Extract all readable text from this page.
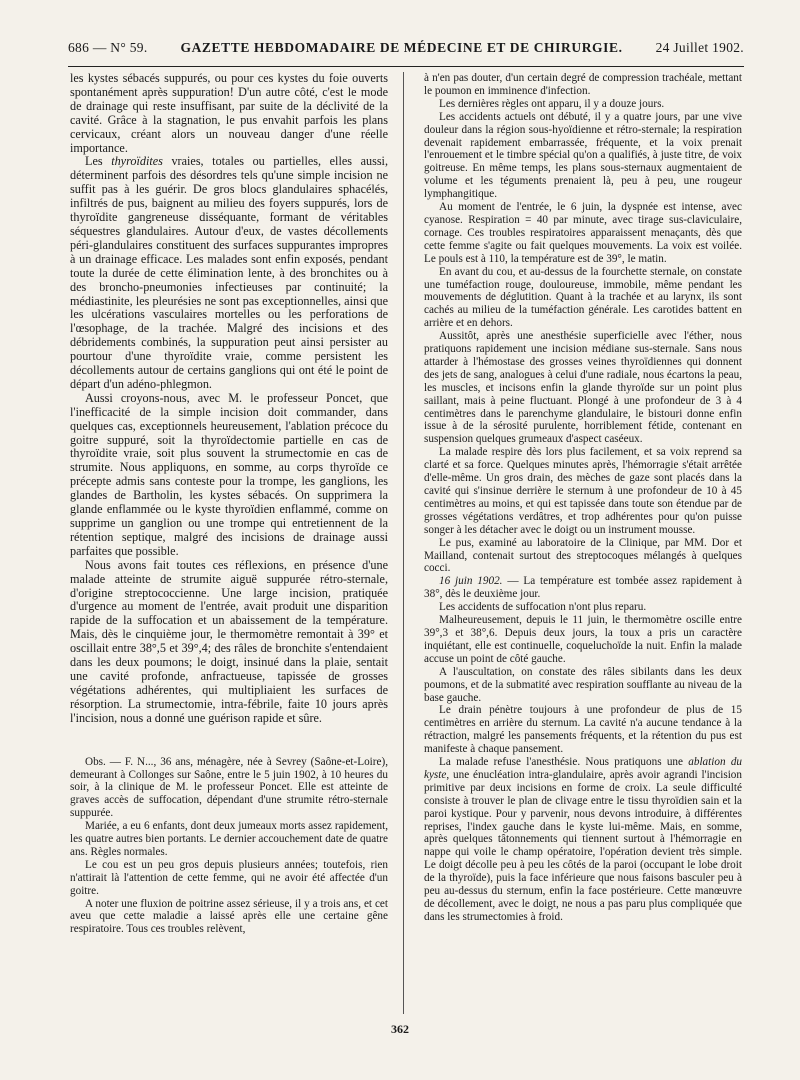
686 — N° 59. GAZETTE HEBDOMADAIRE DE MÉDECINE ET DE CHIRURGIE. 24 Juillet 1902.

les kystes sébacés suppurés, ou pour ces kystes du foie ouverts spontanément après suppuration! D'un autre côté, c'est le mode de drainage qui reste insuffisant, par suite de la déclivité de la cavité. Grâce à la stagnation, le pus envahit parfois les plans cervicaux, créant alors un nouveau danger d'une réelle importance.

Les thyroïdites vraies, totales ou partielles, elles aussi, déterminent parfois des désordres tels qu'une simple incision ne suffit pas à les guérir. De gros blocs glandulaires sphacélés, infiltrés de pus, baignent au milieu des foyers suppurés, lors de thyroïdite gangreneuse disséquante, formant de véritables séquestres glandulaires. Autour d'eux, de vastes décollements péri-glandulaires constituent des surfaces suppurantes impropres à un drainage efficace. Les malades sont enfin exposés, pendant toute la durée de cette élimination lente, à des bronchites ou à des broncho-pneumonies infectieuses par continuité; la médiastinite, les pleurésies ne sont pas exceptionnelles, ainsi que les ulcérations vasculaires mortelles ou les perforations de l'œsophage, de la trachée. Malgré des incisions et des débridements combinés, la suppuration peut ainsi persister au pourtour d'une thyroïdite vraie, comme persistent les décollements autour de certains ganglions qui ont été le point de départ d'un adéno-phlegmon.

Aussi croyons-nous, avec M. le professeur Poncet, que l'inefficacité de la simple incision doit commander, dans quelques cas, exceptionnels heureusement, l'ablation précoce du goitre suppuré, soit la thyroïdectomie partielle en cas de thyroïdite vraie, soit plus souvent la strumectomie en cas de strumite. Nous appliquons, en somme, au corps thyroïde ce précepte admis sans conteste pour la trompe, les ganglions, les glandes de Bartholin, les kystes sébacés. On supprimera la glande enflammée ou le kyste thyroïdien enflammé, comme on supprime un ganglion ou une trompe qui entretiennent de la rétention septique, malgré des incisions de drainage aussi parfaites que possible.

Nous avons fait toutes ces réflexions, en présence d'une malade atteinte de strumite aiguë suppurée rétro-sternale, d'origine streptococcienne. Une large incision, pratiquée d'urgence au moment de l'entrée, avait produit une disparition rapide de la suffocation et un abaissement de la température. Mais, dès le cinquième jour, le thermomètre remontait à 39° et oscillait entre 38°,5 et 39°,4; des râles de bronchite s'entendaient dans les deux poumons; le doigt, insinué dans la plaie, sentait une cavité profonde, anfractueuse, tapissée de grosses végétations adhérentes, qui multipliaient les surfaces de résorption. La strumectomie, intra-fébrile, faite 10 jours après l'incision, nous a donné une guérison rapide et sûre.

Obs. — F. N..., 36 ans, ménagère, née à Sevrey (Saône-et-Loire), demeurant à Collonges sur Saône, entre le 5 juin 1902, à 10 heures du soir, à la clinique de M. le professeur Poncet. Elle est atteinte de graves accès de suffocation, dépendant d'une strumite rétro-sternale suppurée.

Mariée, a eu 6 enfants, dont deux jumeaux morts assez rapidement, les quatre autres bien portants. Le dernier accouchement date de quatre ans. Règles normales.

Le cou est un peu gros depuis plusieurs années; toutefois, rien n'attirait là l'attention de cette femme, qui ne avoir été affectée d'un goitre.

A noter une fluxion de poitrine assez sérieuse, il y a trois ans, et cet aveu que cette maladie a laissé après elle une certaine gêne respiratoire. Tous ces troubles relèvent,

à n'en pas douter, d'un certain degré de compression trachéale, mettant le poumon en imminence d'infection.

Les dernières règles ont apparu, il y a douze jours.

Les accidents actuels ont débuté, il y a quatre jours, par une vive douleur dans la région sous-hyoïdienne et rétro-sternale; la respiration devenait rapidement embarrassée, fréquente, et la voix prenait l'enrouement et le timbre spécial qu'on a qualifiés, à juste titre, de voix goitreuse. En même temps, les plans sous-sternaux augmentaient de volume et les téguments prenaient là, peu à peu, une rougeur lymphangitique.

Au moment de l'entrée, le 6 juin, la dyspnée est intense, avec cyanose. Respiration = 40 par minute, avec tirage sus-claviculaire, cornage. Ces troubles respiratoires apparaissent menaçants, dès que cette femme s'agite ou fait quelques mouvements. La voix est voilée. Le pouls est à 110, la température est de 39°, le matin.

En avant du cou, et au-dessus de la fourchette sternale, on constate une tuméfaction rouge, douloureuse, immobile, même pendant les mouvements de déglutition. Quant à la trachée et au larynx, ils sont cachés au milieu de la tuméfaction générale. Les carotides battent en arrière et en dehors.

Aussitôt, après une anesthésie superficielle avec l'éther, nous pratiquons rapidement une incision médiane sus-sternale. Sans nous attarder à l'hémostase des grosses veines thyroïdiennes qui donnent des jets de sang, analogues à celui d'une radiale, nous écartons la peau, les muscles, et incisons enfin la glande thyroïde sur un point plus saillant, mais à peine fluctuant. Plongé à une profondeur de 3 à 4 centimètres dans le parenchyme glandulaire, le bistouri donne enfin issue à de la sérosité purulente, horriblement fétide, contenant en suspension quelques grumeaux d'aspect caséeux.

La malade respire dès lors plus facilement, et sa voix reprend sa clarté et sa force. Quelques minutes après, l'hémorragie s'était arrêtée d'elle-même. Un gros drain, des mèches de gaze sont placés dans la cavité qui s'insinue derrière le sternum à une profondeur de 10 à 45 centimètres au moins, et qui est tapissée dans toute son étendue par de grosses végétations verdâtres, et trop adhérentes pour qu'on puisse songer à les détacher avec le doigt ou un instrument mousse.

Le pus, examiné au laboratoire de la Clinique, par MM. Dor et Mailland, contenait surtout des streptocoques mélangés à quelques cocci.

16 juin 1902. — La température est tombée assez rapidement à 38°, dès le deuxième jour.

Les accidents de suffocation n'ont plus reparu.

Malheureusement, depuis le 11 juin, le thermomètre oscille entre 39°,3 et 38°,6. Depuis deux jours, la toux a pris un caractère inquiétant, elle est continuelle, coqueluchoïde la nuit. Enfin la malade accuse un point de côté gauche.

A l'auscultation, on constate des râles sibilants dans les deux poumons, et de la submatité avec respiration soufflante au niveau de la base gauche.

Le drain pénètre toujours à une profondeur de plus de 15 centimètres en arrière du sternum. La cavité n'a aucune tendance à la rétraction, malgré les pansements fréquents, et la rétention du pus est manifeste à chaque pansement.

La malade refuse l'anesthésie. Nous pratiquons une ablation du kyste, une énucléation intra-glandulaire, après avoir agrandi l'incision primitive par deux incisions en forme de croix. La seule difficulté consiste à trouver le plan de clivage entre le tissu thyroïdien sain et la paroi kystique. Pour y parvenir, nous devons introduire, à différentes reprises, l'index gauche dans le kyste lui-même. Mais, en somme, après quelques tâtonnements qui tiennent surtout à l'hémorragie en nappe qui voile le champ opératoire, l'opération devient très simple. Le doigt décolle peu à peu les côtés de la paroi (occupant le lobe droit de la thyroïde), puis la face inférieure que nous faisons basculer peu à peu au-dessus du sternum, enfin la face postérieure. Cette manœuvre de décollement, avec le doigt, ne nous a pas paru plus compliquée que dans les strumectomies à froid.

362
